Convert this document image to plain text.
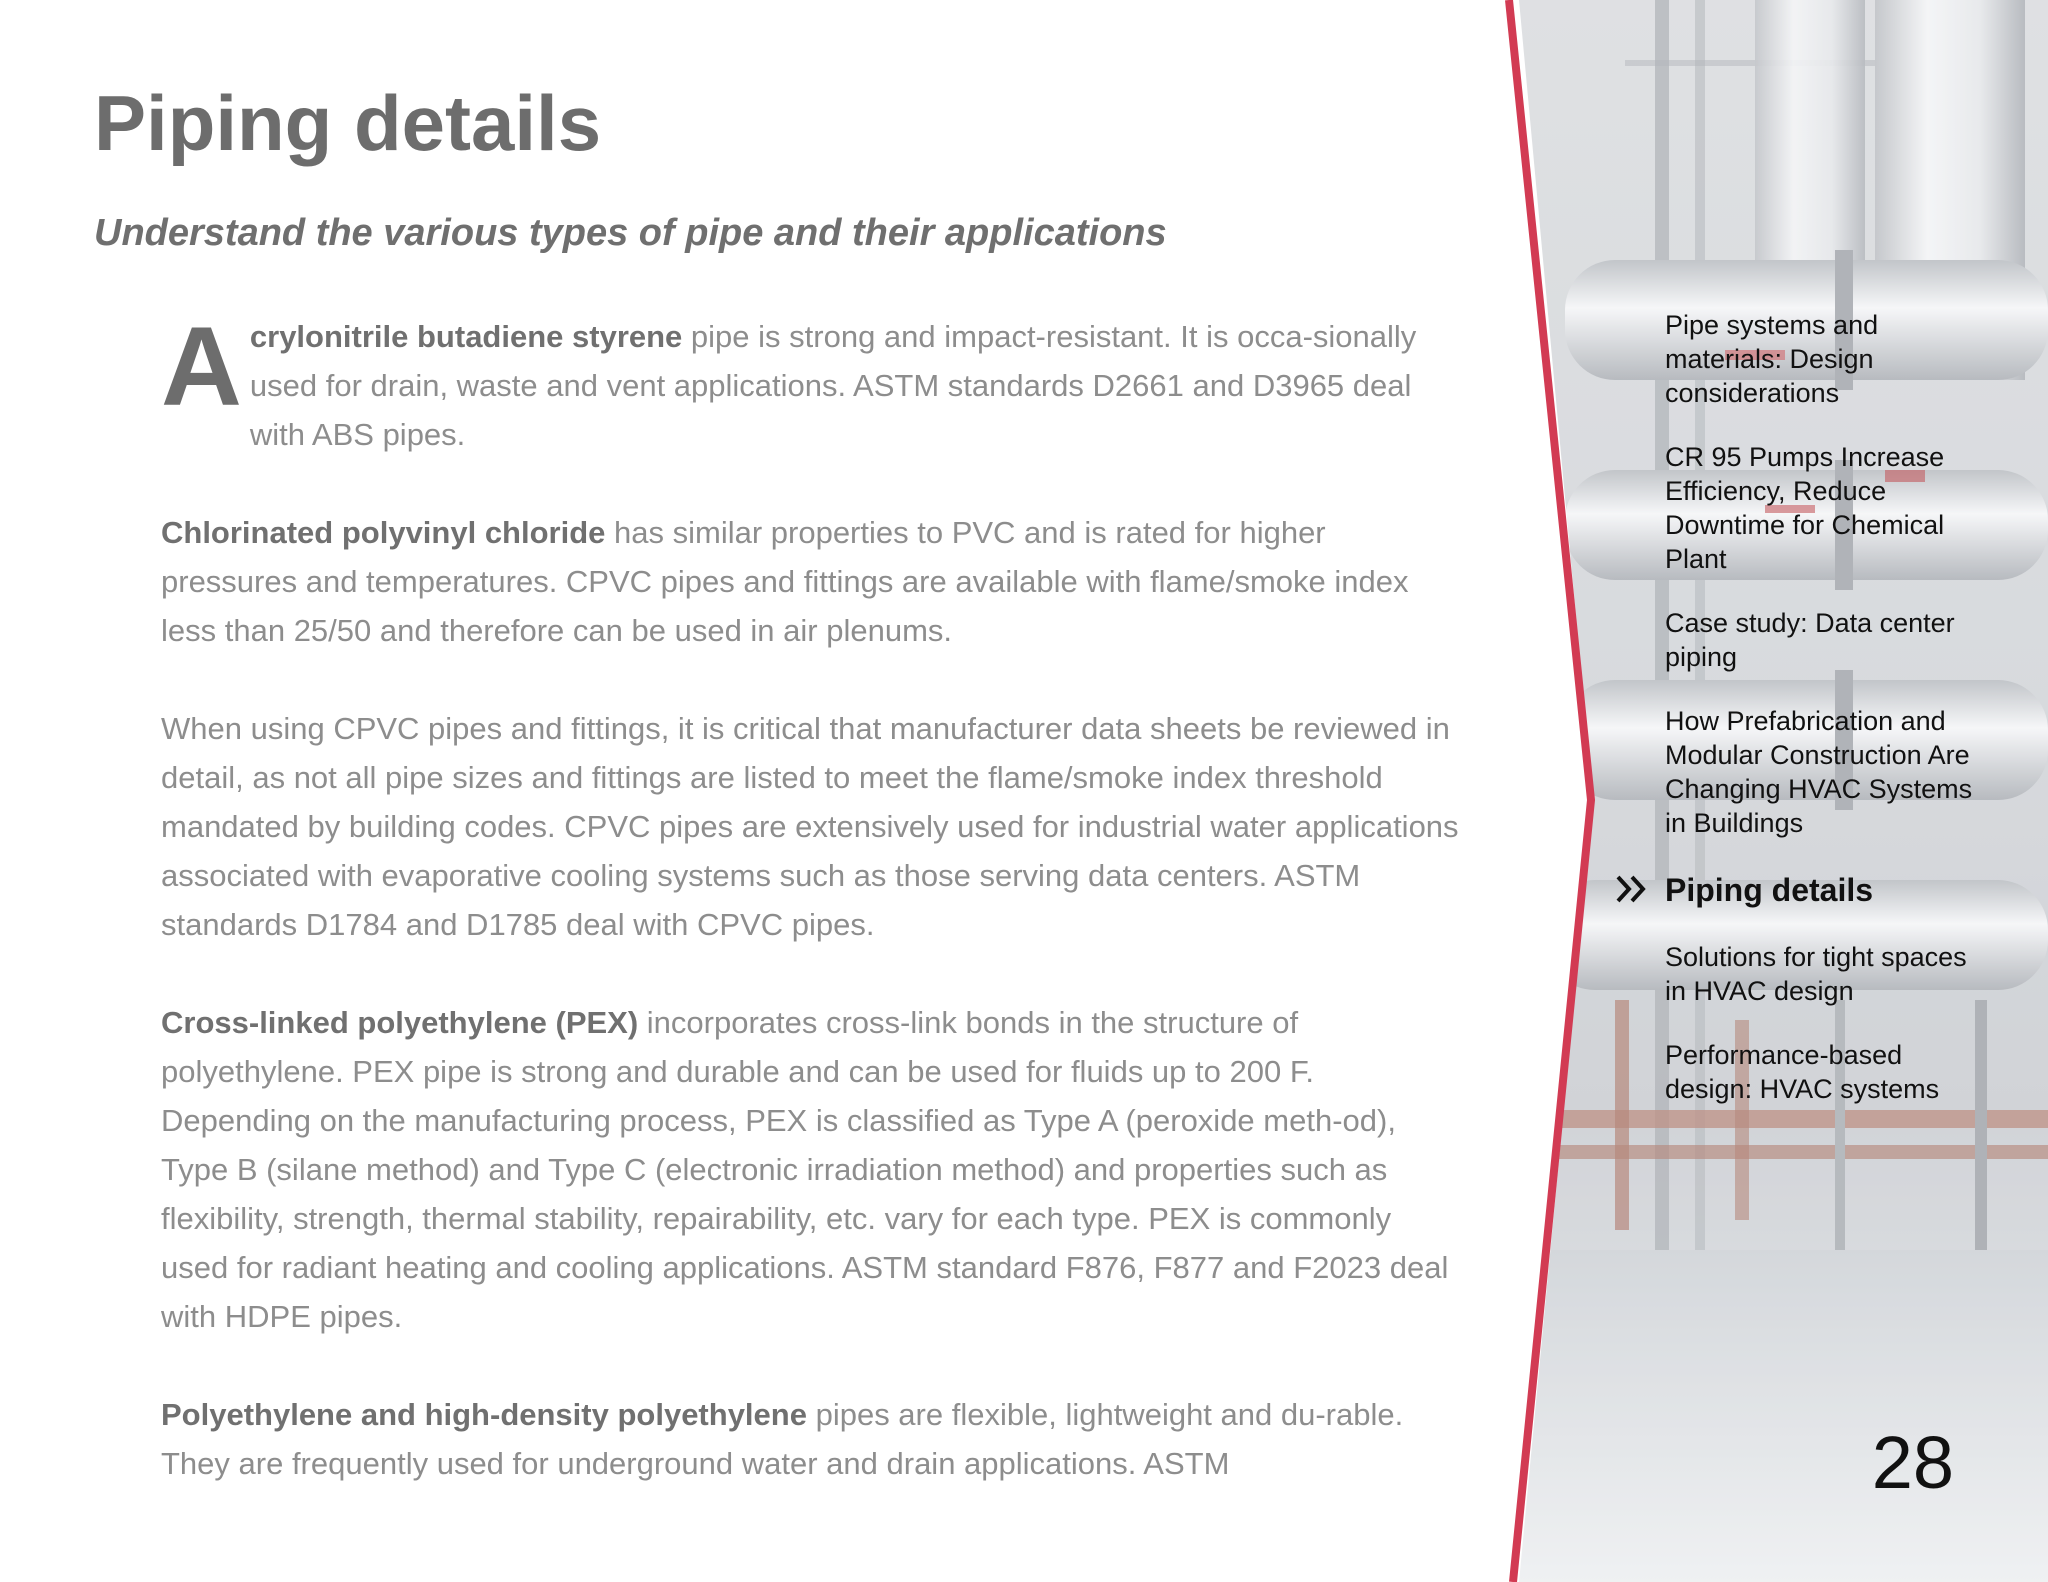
Piping details
Understand the various types of pipe and their applications

Acrylonitrile butadiene styrene pipe is strong and impact-resistant. It is occa-sionally used for drain, waste and vent applications. ASTM standards D2661 and D3965 deal with ABS pipes.

Chlorinated polyvinyl chloride has similar properties to PVC and is rated for higher pressures and temperatures. CPVC pipes and fittings are available with flame/smoke index less than 25/50 and therefore can be used in air plenums.

When using CPVC pipes and fittings, it is critical that manufacturer data sheets be reviewed in detail, as not all pipe sizes and fittings are listed to meet the flame/smoke index threshold mandated by building codes. CPVC pipes are extensively used for industrial water applications associated with evaporative cooling systems such as those serving data centers. ASTM standards D1784 and D1785 deal with CPVC pipes.

Cross-linked polyethylene (PEX) incorporates cross-link bonds in the structure of polyethylene. PEX pipe is strong and durable and can be used for fluids up to 200 F. Depending on the manufacturing process, PEX is classified as Type A (peroxide meth-od), Type B (silane method) and Type C (electronic irradiation method) and properties such as flexibility, strength, thermal stability, repairability, etc. vary for each type. PEX is commonly used for radiant heating and cooling applications. ASTM standard F876, F877 and F2023 deal with HDPE pipes.

Polyethylene and high-density polyethylene pipes are flexible, lightweight and du-rable. They are frequently used for underground water and drain applications. ASTM

Pipe systems and materials: Design considerations
CR 95 Pumps Increase Efficiency, Reduce Downtime for Chemical Plant
Case study: Data center piping
How Prefabrication and Modular Construction Are Changing HVAC Systems in Buildings
Piping details
Solutions for tight spaces in HVAC design
Performance-based design: HVAC systems
28
